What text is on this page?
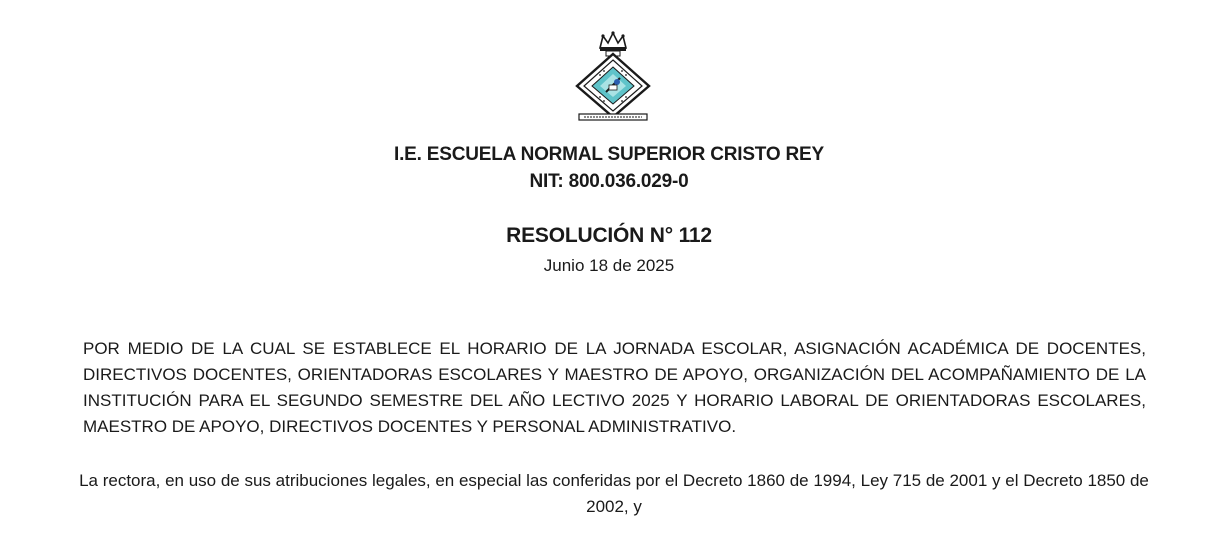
I.E. ESCUELA NORMAL SUPERIOR CRISTO REY
NIT: 800.036.029-0
RESOLUCIÓN N° 112
Junio 18 de 2025
POR MEDIO DE LA CUAL SE ESTABLECE EL HORARIO DE LA JORNADA ESCOLAR, ASIGNACIÓN ACADÉMICA DE DOCENTES, DIRECTIVOS DOCENTES, ORIENTADORAS ESCOLARES Y MAESTRO DE APOYO, ORGANIZACIÓN DEL ACOMPAÑAMIENTO DE LA INSTITUCIÓN PARA EL SEGUNDO SEMESTRE DEL AÑO LECTIVO 2025 Y HORARIO LABORAL DE ORIENTADORAS ESCOLARES, MAESTRO DE APOYO, DIRECTIVOS DOCENTES Y PERSONAL ADMINISTRATIVO.
La rectora, en uso de sus atribuciones legales, en especial las conferidas por el Decreto 1860 de 1994, Ley 715 de 2001 y el Decreto 1850 de 2002, y
